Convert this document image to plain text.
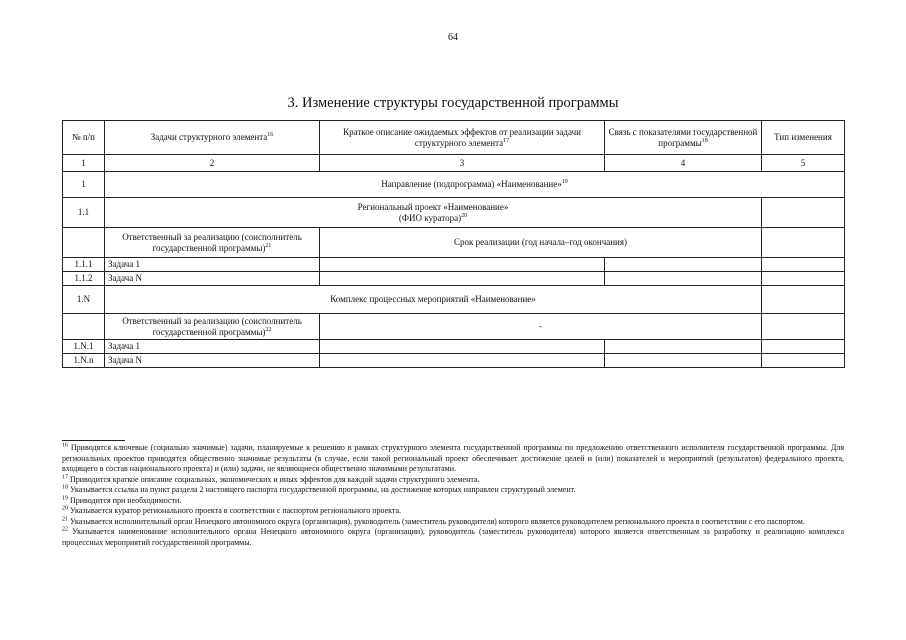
64
3. Изменение структуры государственной программы
№ п/п	Задачи структурного элемента$^{16}$	Краткое описание ожидаемых эффектов от реализации задачи структурного элемента$^{17}$	Связь с показателями государственной программы$^{18}$	Тип изменения
1	2	3	4	5
1	Направление (подпрограмма) «Наименование»$^{19}$
1.1	Региональный проект «Наименование»
(ФИО куратора)$^{20}$	
	Ответственный за реализацию (соисполнитель государственной программы)$^{21}$	Срок реализации (год начала–год окончания)		
1.1.1	Задача 1			
1.1.2	Задача N			
1.N	Комплекс процессных мероприятий «Наименование»			
	Ответственный за реализацию (соисполнитель государственной программы)$^{22}$	-		
1.N.1	Задача 1			
1.N.n	Задача N			

$^{16}$ Приводятся ключевые (социально значимые) задачи, планируемые к решению в рамках структурного элемента государственной программы по предложению ответственного исполнителя государственной программы. Для региональных проектов приводятся общественно значимые результаты (в случае, если такой региональный проект обеспечивает достижение целей и (или) показателей и мероприятий (результатов) федерального проекта, входящего в состав национального проекта) и (или) задачи, не являющиеся общественно значимыми результатами.

$^{17}$ Приводится краткое описание социальных, экономических и иных эффектов для каждой задачи структурного элемента.

$^{18}$ Указывается ссылка на пункт раздела 2 настоящего паспорта государственной программы, на достижение которых направлен структурный элемент.

$^{19}$ Приводится при необходимости.

$^{20}$ Указывается куратор регионального проекта в соответствии с паспортом регионального проекта.

$^{21}$ Указывается исполнительный орган Ненецкого автономного округа (организация), руководитель (заместитель руководителя) которого является руководителем регионального проекта в соответствии с его паспортом.

$^{22}$ Указывается наименование исполнительного органа Ненецкого автономного округа (организации), руководитель (заместитель руководителя) которого является ответственным за разработку и реализацию комплекса процессных мероприятий государственной программы.
